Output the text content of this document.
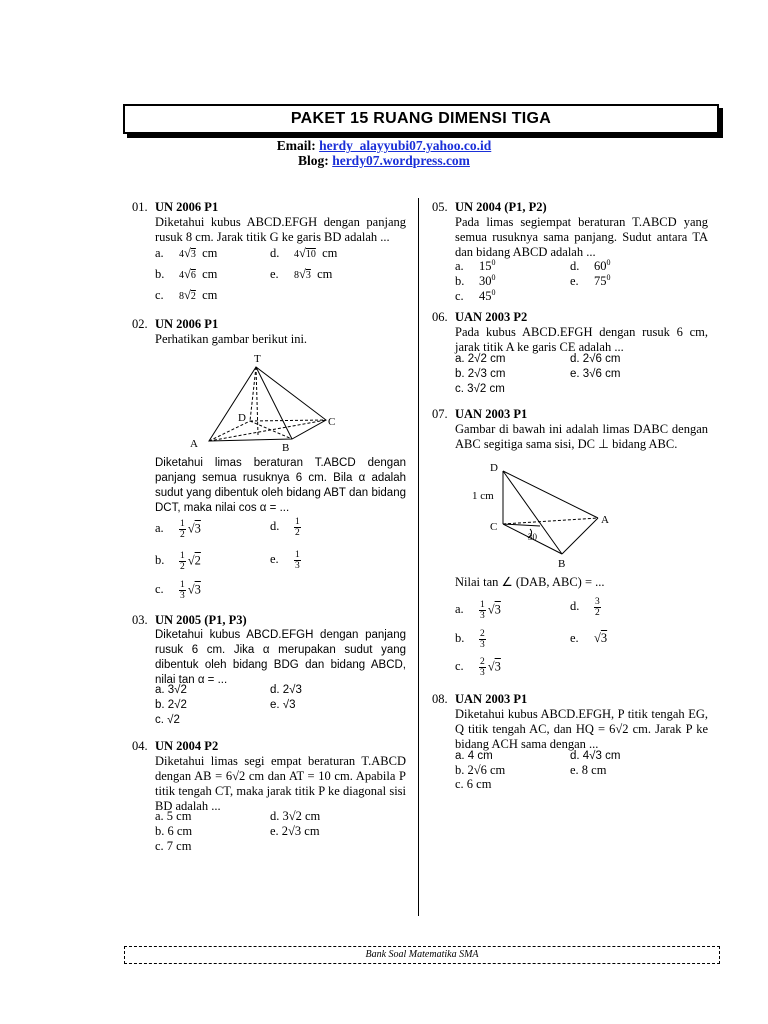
PAKET 15 RUANG DIMENSI TIGA
Email: herdy_alayyubi07.yahoo.co.id
Blog: herdy07.wordpress.com
01. UN 2006 P1
Diketahui kubus ABCD.EFGH dengan panjang rusuk 8 cm. Jarak titik G ke garis BD adalah ...
a. 4√3 cm	d. 4√10 cm
b. 4√6 cm	e. 8√3 cm
c. 8√2 cm
02. UN 2006 P1
Perhatikan gambar berikut ini.
T
D	C
A	B
Diketahui limas beraturan T.ABCD dengan panjang semua rusuknya 6 cm. Bila α adalah sudut yang dibentuk oleh bidang ABT dan bidang DCT, maka nilai cos α = ...
a. $\frac{1}{2} √3$	d. $\frac{1}{2}$
b. $\frac{1}{2} √2$	e. $\frac{1}{3}$
c. $\frac{1}{3} √3$
03. UN 2005 (P1, P3)
Diketahui kubus ABCD.EFGH dengan panjang rusuk 6 cm. Jika α merupakan sudut yang dibentuk oleh bidang BDG dan bidang ABCD, nilai tan α = ...
a. 3√2	d. 2√3
b. 2√2	e. √3
c. √2
04. UN 2004 P2
Diketahui limas segi empat beraturan T.ABCD dengan AB = 6√2 cm dan AT = 10 cm. Apabila P titik tengah CT, maka jarak titik P ke diagonal sisi BD adalah ...
a. 5 cm	d. 3√2 cm
b. 6 cm	e. 2√3 cm
c. 7 cm
05. UN 2004 (P1, P2)
Pada limas segiempat beraturan T.ABCD yang semua rusuknya sama panjang. Sudut antara TA dan bidang ABCD adalah ...
a. $15^0$	d. $60^0$
b. $30^0$	e. $75^0$
c. $45^0$
06. UAN 2003 P2
Pada kubus ABCD.EFGH dengan rusuk 6 cm, jarak titik A ke garis CE adalah ...
a. 2√2 cm	d. 2√6 cm
b. 2√3 cm	e. 3√6 cm
c. 3√2 cm
07. UAN 2003 P1
Gambar di bawah ini adalah limas DABC dengan ABC segitiga sama sisi, DC ⊥ bidang ABC.
D
1 cm
C
A
B
30
Nilai tan ∠ (DAB, ABC) = ...
a. $\frac{1}{3} √3$	d. $\frac{3}{2}$
b. $\frac{2}{3}$	e. √3
c. $\frac{2}{3} √3$
08. UAN 2003 P1
Diketahui kubus ABCD.EFGH, P titik tengah EG, Q titik tengah AC, dan HQ = 6√2 cm. Jarak P ke bidang ACH sama dengan ...
a. 4 cm	d. 4√3 cm
b. 2√6 cm	e. 8 cm
c. 6 cm
Bank Soal Matematika SMA
